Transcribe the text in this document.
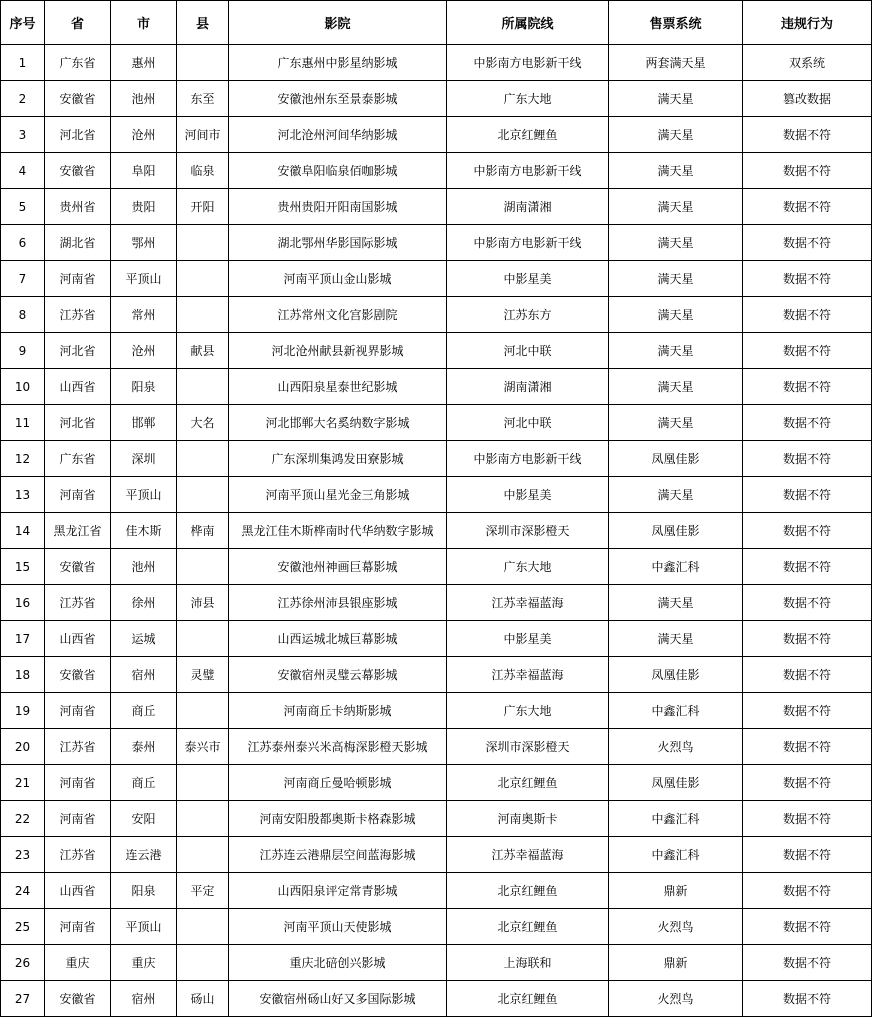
序号	省	市	县	影院	所属院线	售票系统	违规行为
1	广东省	惠州		广东惠州中影星纳影城	中影南方电影新干线	两套满天星	双系统
2	安徽省	池州	东至	安徽池州东至景泰影城	广东大地	满天星	篡改数据
3	河北省	沧州	河间市	河北沧州河间华纳影城	北京红鲤鱼	满天星	数据不符
4	安徽省	阜阳	临泉	安徽阜阳临泉佰咖影城	中影南方电影新干线	满天星	数据不符
5	贵州省	贵阳	开阳	贵州贵阳开阳南国影城	湖南潇湘	满天星	数据不符
6	湖北省	鄂州		湖北鄂州华影国际影城	中影南方电影新干线	满天星	数据不符
7	河南省	平顶山		河南平顶山金山影城	中影星美	满天星	数据不符
8	江苏省	常州		江苏常州文化宫影剧院	江苏东方	满天星	数据不符
9	河北省	沧州	献县	河北沧州献县新视界影城	河北中联	满天星	数据不符
10	山西省	阳泉		山西阳泉星泰世纪影城	湖南潇湘	满天星	数据不符
11	河北省	邯郸	大名	河北邯郸大名奚纳数字影城	河北中联	满天星	数据不符
12	广东省	深圳		广东深圳集鸿发田寮影城	中影南方电影新干线	凤凰佳影	数据不符
13	河南省	平顶山		河南平顶山星光金三角影城	中影星美	满天星	数据不符
14	黑龙江省	佳木斯	桦南	黑龙江佳木斯桦南时代华纳数字影城	深圳市深影橙天	凤凰佳影	数据不符
15	安徽省	池州		安徽池州神画巨幕影城	广东大地	中鑫汇科	数据不符
16	江苏省	徐州	沛县	江苏徐州沛县银座影城	江苏幸福蓝海	满天星	数据不符
17	山西省	运城		山西运城北城巨幕影城	中影星美	满天星	数据不符
18	安徽省	宿州	灵璧	安徽宿州灵璧云幕影城	江苏幸福蓝海	凤凰佳影	数据不符
19	河南省	商丘		河南商丘卡纳斯影城	广东大地	中鑫汇科	数据不符
20	江苏省	泰州	泰兴市	江苏泰州泰兴米高梅深影橙天影城	深圳市深影橙天	火烈鸟	数据不符
21	河南省	商丘		河南商丘曼哈顿影城	北京红鲤鱼	凤凰佳影	数据不符
22	河南省	安阳		河南安阳殷都奥斯卡格森影城	河南奥斯卡	中鑫汇科	数据不符
23	江苏省	连云港		江苏连云港鼎层空间蓝海影城	江苏幸福蓝海	中鑫汇科	数据不符
24	山西省	阳泉	平定	山西阳泉评定常青影城	北京红鲤鱼	鼎新	数据不符
25	河南省	平顶山		河南平顶山天使影城	北京红鲤鱼	火烈鸟	数据不符
26	重庆	重庆		重庆北碚创兴影城	上海联和	鼎新	数据不符
27	安徽省	宿州	砀山	安徽宿州砀山好又多国际影城	北京红鲤鱼	火烈鸟	数据不符
